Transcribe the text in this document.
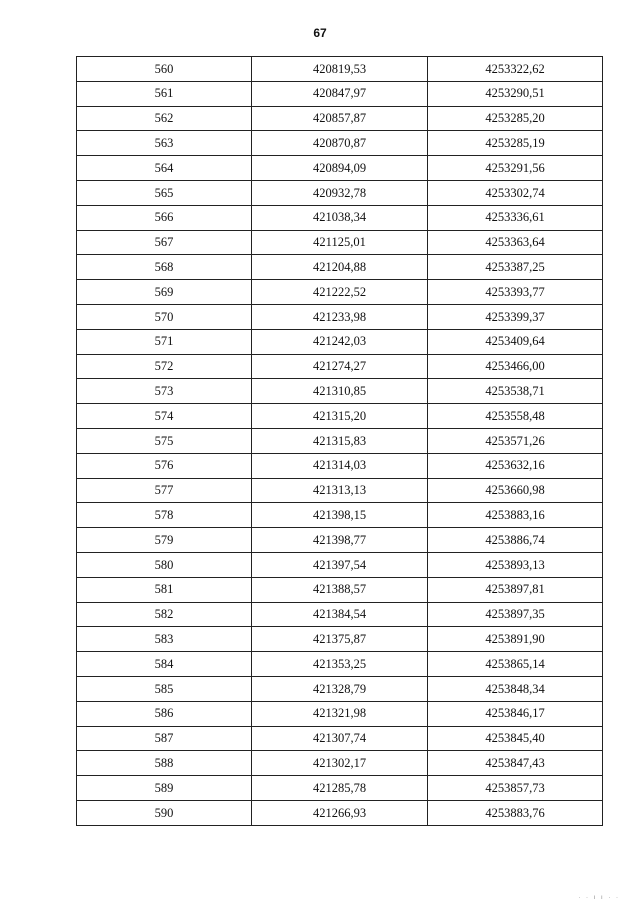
67
560	420819,53	4253322,62
561	420847,97	4253290,51
562	420857,87	4253285,20
563	420870,87	4253285,19
564	420894,09	4253291,56
565	420932,78	4253302,74
566	421038,34	4253336,61
567	421125,01	4253363,64
568	421204,88	4253387,25
569	421222,52	4253393,77
570	421233,98	4253399,37
571	421242,03	4253409,64
572	421274,27	4253466,00
573	421310,85	4253538,71
574	421315,20	4253558,48
575	421315,83	4253571,26
576	421314,03	4253632,16
577	421313,13	4253660,98
578	421398,15	4253883,16
579	421398,77	4253886,74
580	421397,54	4253893,13
581	421388,57	4253897,81
582	421384,54	4253897,35
583	421375,87	4253891,90
584	421353,25	4253865,14
585	421328,79	4253848,34
586	421321,98	4253846,17
587	421307,74	4253845,40
588	421302,17	4253847,43
589	421285,78	4253857,73
590	421266,93	4253883,76
· · ı ı · ·
